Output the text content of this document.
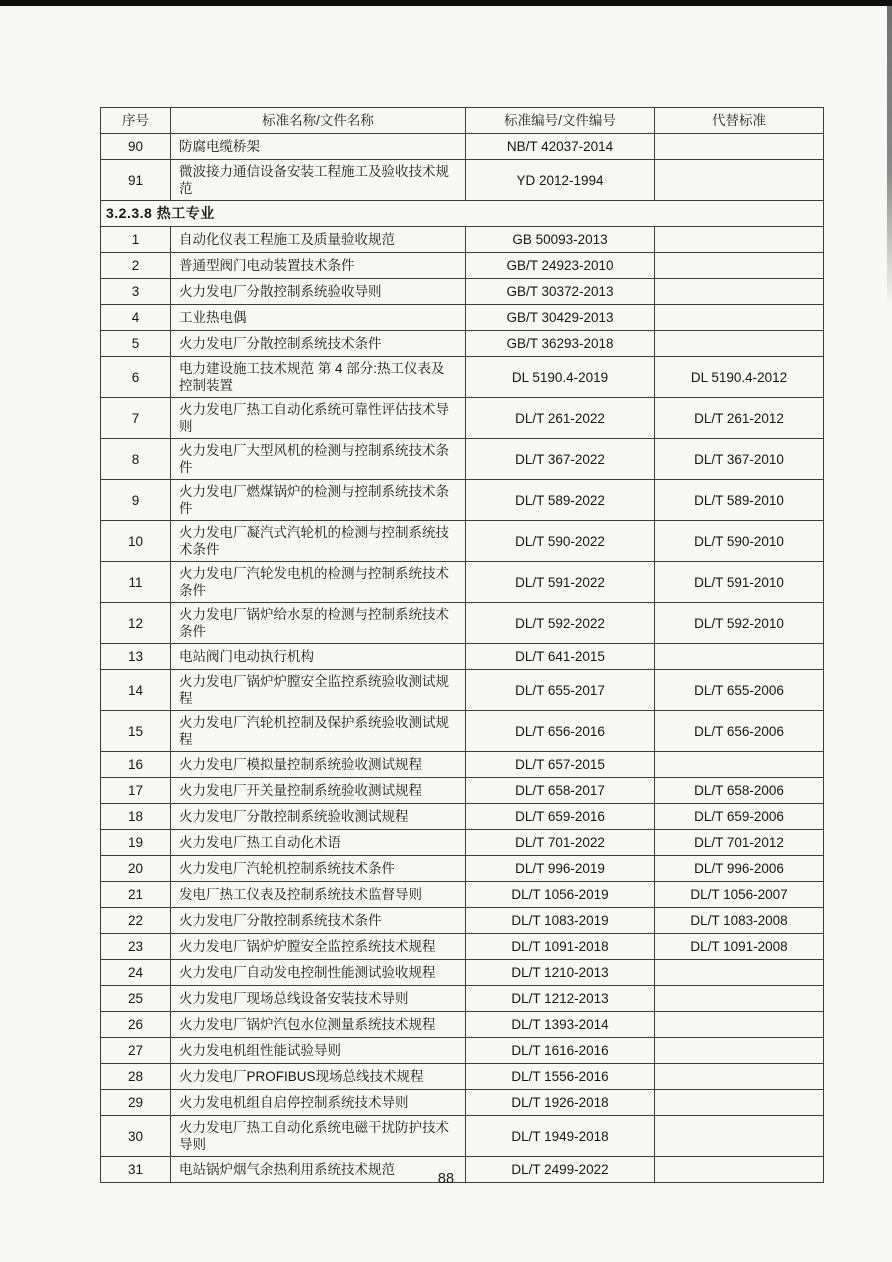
序号	标准名称/文件名称	标准编号/文件编号	代替标准
90	防腐电缆桥架	NB/T 42037-2014	
91	微波接力通信设备安装工程施工及验收技术规范	YD 2012-1994	
3.2.3.8 热工专业			
1	自动化仪表工程施工及质量验收规范	GB 50093-2013	
2	普通型阀门电动装置技术条件	GB/T 24923-2010	
3	火力发电厂分散控制系统验收导则	GB/T 30372-2013	
4	工业热电偶	GB/T 30429-2013	
5	火力发电厂分散控制系统技术条件	GB/T 36293-2018	
6	电力建设施工技术规范 第 4 部分:热工仪表及控制装置	DL 5190.4-2019	DL 5190.4-2012
7	火力发电厂热工自动化系统可靠性评估技术导则	DL/T 261-2022	DL/T 261-2012
8	火力发电厂大型风机的检测与控制系统技术条件	DL/T 367-2022	DL/T 367-2010
9	火力发电厂燃煤锅炉的检测与控制系统技术条件	DL/T 589-2022	DL/T 589-2010
10	火力发电厂凝汽式汽轮机的检测与控制系统技术条件	DL/T 590-2022	DL/T 590-2010
11	火力发电厂汽轮发电机的检测与控制系统技术条件	DL/T 591-2022	DL/T 591-2010
12	火力发电厂锅炉给水泵的检测与控制系统技术条件	DL/T 592-2022	DL/T 592-2010
13	电站阀门电动执行机构	DL/T 641-2015	
14	火力发电厂锅炉炉膛安全监控系统验收测试规程	DL/T 655-2017	DL/T 655-2006
15	火力发电厂汽轮机控制及保护系统验收测试规程	DL/T 656-2016	DL/T 656-2006
16	火力发电厂模拟量控制系统验收测试规程	DL/T 657-2015	
17	火力发电厂开关量控制系统验收测试规程	DL/T 658-2017	DL/T 658-2006
18	火力发电厂分散控制系统验收测试规程	DL/T 659-2016	DL/T 659-2006
19	火力发电厂热工自动化术语	DL/T 701-2022	DL/T 701-2012
20	火力发电厂汽轮机控制系统技术条件	DL/T 996-2019	DL/T 996-2006
21	发电厂热工仪表及控制系统技术监督导则	DL/T 1056-2019	DL/T 1056-2007
22	火力发电厂分散控制系统技术条件	DL/T 1083-2019	DL/T 1083-2008
23	火力发电厂锅炉炉膛安全监控系统技术规程	DL/T 1091-2018	DL/T 1091-2008
24	火力发电厂自动发电控制性能测试验收规程	DL/T 1210-2013	
25	火力发电厂现场总线设备安装技术导则	DL/T 1212-2013	
26	火力发电厂锅炉汽包水位测量系统技术规程	DL/T 1393-2014	
27	火力发电机组性能试验导则	DL/T 1616-2016	
28	火力发电厂PROFIBUS现场总线技术规程	DL/T 1556-2016	
29	火力发电机组自启停控制系统技术导则	DL/T 1926-2018	
30	火力发电厂热工自动化系统电磁干扰防护技术导则	DL/T 1949-2018	
31	电站锅炉烟气余热利用系统技术规范	DL/T 2499-2022	
88
